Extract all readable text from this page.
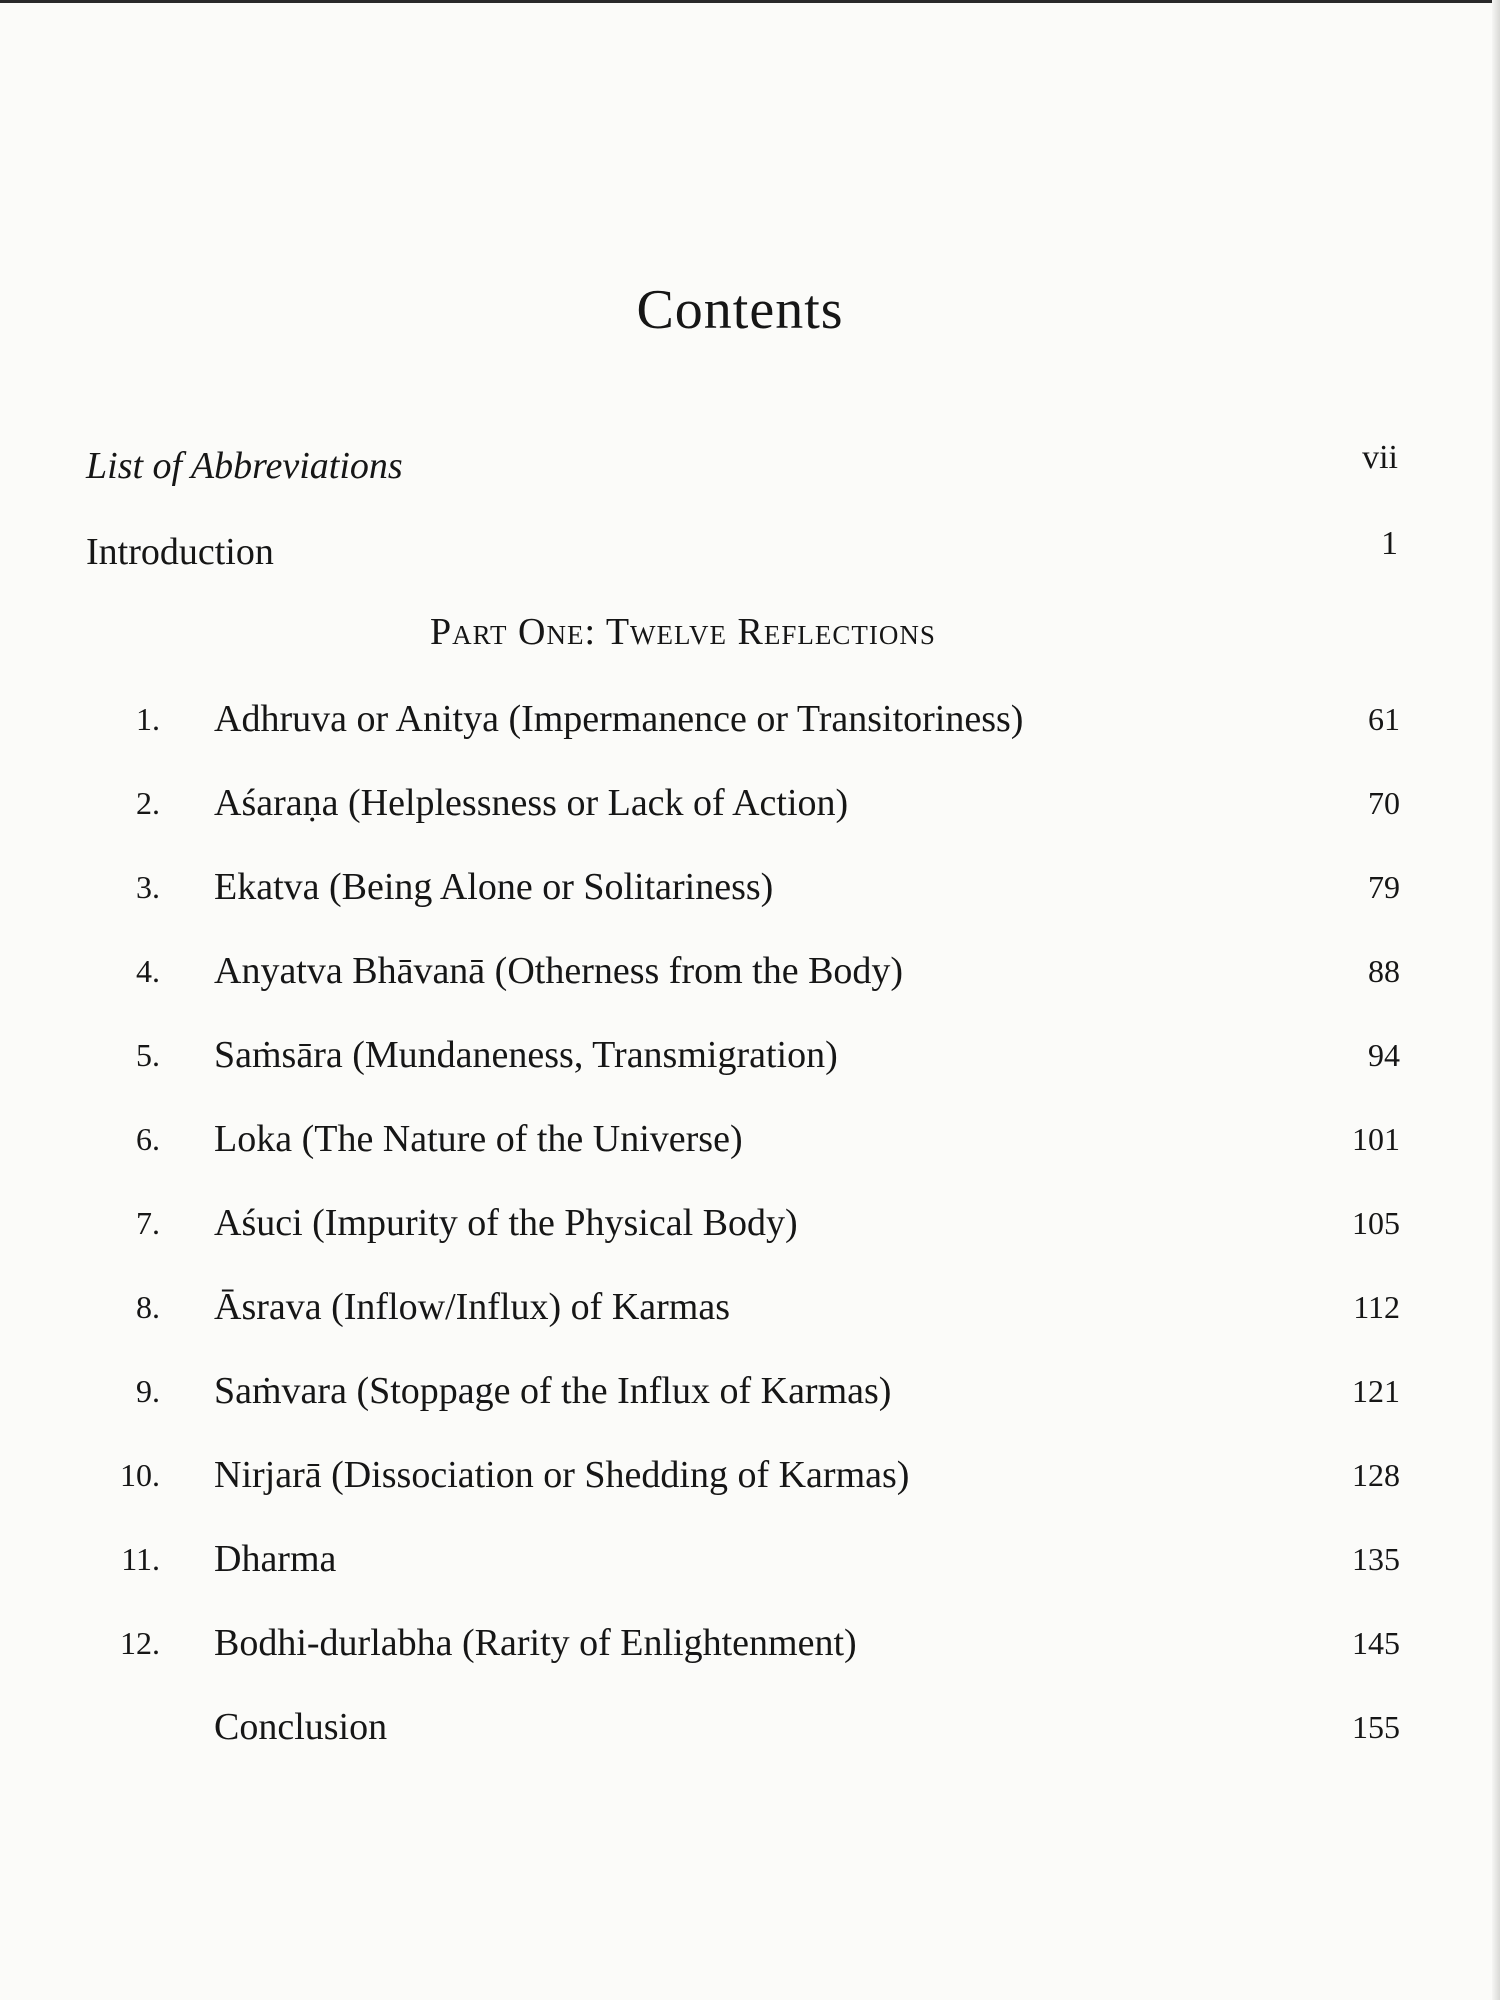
Contents
List of Abbreviations	vii
Introduction	1
Part One: Twelve Reflections
1. Adhruva or Anitya (Impermanence or Transitoriness)	61
2. Aśaraṇa (Helplessness or Lack of Action)	70
3. Ekatva (Being Alone or Solitariness)	79
4. Anyatva Bhāvanā (Otherness from the Body)	88
5. Saṁsāra (Mundaneness, Transmigration)	94
6. Loka (The Nature of the Universe)	101
7. Aśuci (Impurity of the Physical Body)	105
8. Āsrava (Inflow/Influx) of Karmas	112
9. Saṁvara (Stoppage of the Influx of Karmas)	121
10. Nirjarā (Dissociation or Shedding of Karmas)	128
11. Dharma	135
12. Bodhi-durlabha (Rarity of Enlightenment)	145
Conclusion	155
